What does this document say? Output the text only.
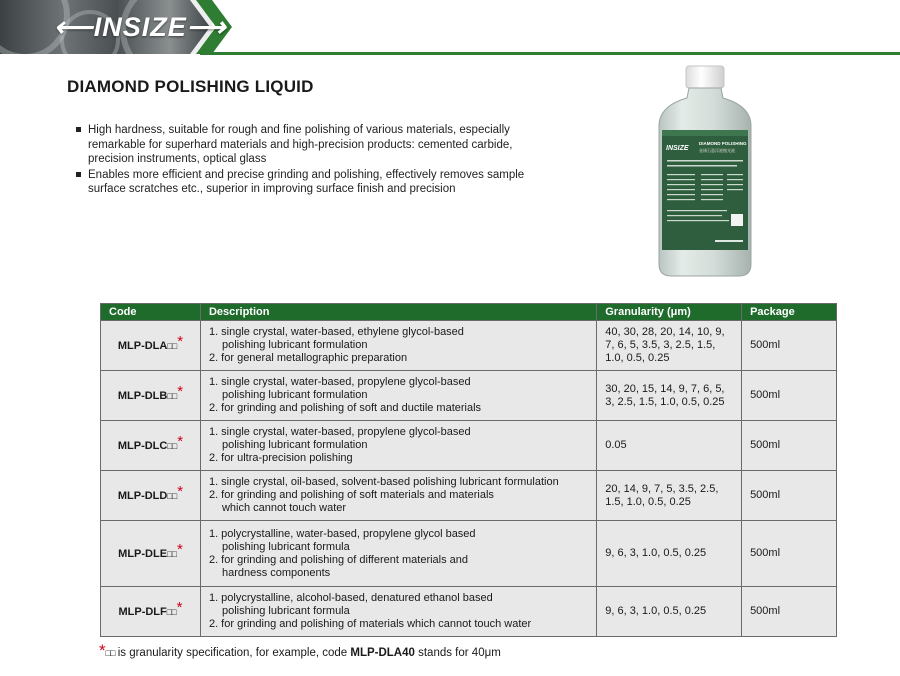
⟵INSIZE⟶
DIAMOND POLISHING LIQUID
High hardness, suitable for rough and fine polishing of various materials, especially remarkable for superhard materials and high-precision products: cemented carbide, precision instruments, optical glass
Enables more efficient and precise grinding and polishing, effectively removes sample surface scratches etc., superior in improving surface finish and precision
INSIZE
DIAMOND POLISHING
金刚石悬浮液抛光液
Code	Description	Granularity (μm)	Package
MLP-DLA□□*	1. single crystal, water-based, ethylene glycol-based
polishing lubricant formulation
2. for general metallographic preparation	40, 30, 28, 20, 14, 10, 9, 7, 6, 5, 3.5, 3, 2.5, 1.5, 1.0, 0.5, 0.25	500ml
MLP-DLB□□*	1. single crystal, water-based, propylene glycol-based
polishing lubricant formulation
2. for grinding and polishing of soft and ductile materials	30, 20, 15, 14, 9, 7, 6, 5, 3, 2.5, 1.5, 1.0, 0.5, 0.25	500ml
MLP-DLC□□*	1. single crystal, water-based, propylene glycol-based
polishing lubricant formulation
2. for ultra-precision polishing	0.05	500ml
MLP-DLD□□*	1. single crystal, oil-based, solvent-based polishing lubricant formulation
2. for grinding and polishing of soft materials and materials
which cannot touch water	20, 14, 9, 7, 5, 3.5, 2.5, 1.5, 1.0, 0.5, 0.25	500ml
MLP-DLE□□*	1. polycrystalline, water-based, propylene glycol based
polishing lubricant formula
2. for grinding and polishing of different materials and
hardness components	9, 6, 3, 1.0, 0.5, 0.25	500ml
MLP-DLF□□*	1. polycrystalline, alcohol-based, denatured ethanol based
polishing lubricant formula
2. for grinding and polishing of materials which cannot touch water	9, 6, 3, 1.0, 0.5, 0.25	500ml
*□□ is granularity specification, for example, code MLP-DLA40 stands for 40μm
